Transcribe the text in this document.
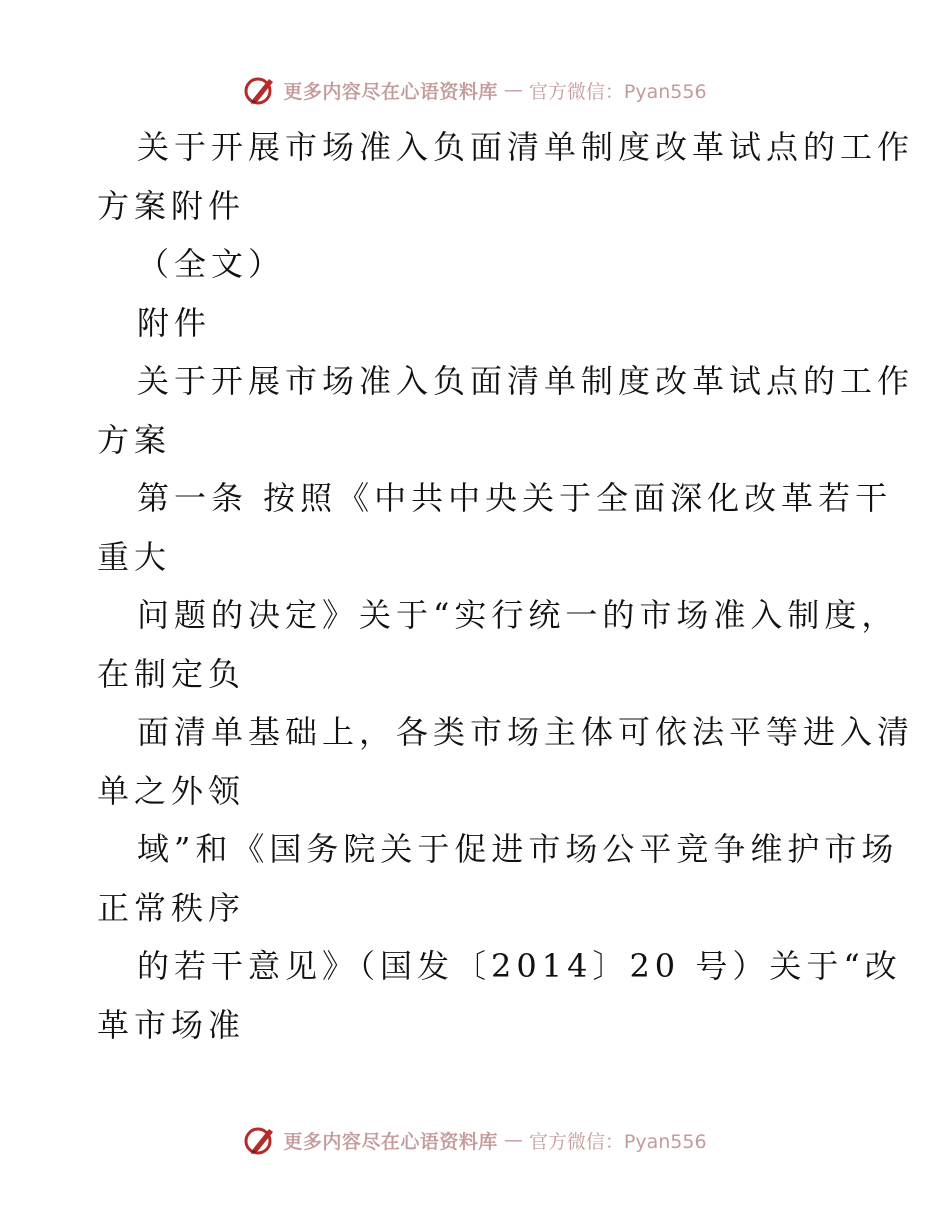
更多内容尽在心语资料库 — 官方微信：Pyan556
关于开展市场准入负面清单制度改革试点的工作
方案附件
（全文）
附件
关于开展市场准入负面清单制度改革试点的工作
方案
第一条 按照《中共中央关于全面深化改革若干
重大
问题的决定》关于“实行统一的市场准入制度，
在制定负
面清单基础上，各类市场主体可依法平等进入清
单之外领
域”和《国务院关于促进市场公平竞争维护市场
正常秩序
的若干意见》（国发〔2014〕20 号）关于“改
革市场准
更多内容尽在心语资料库 — 官方微信：Pyan556
